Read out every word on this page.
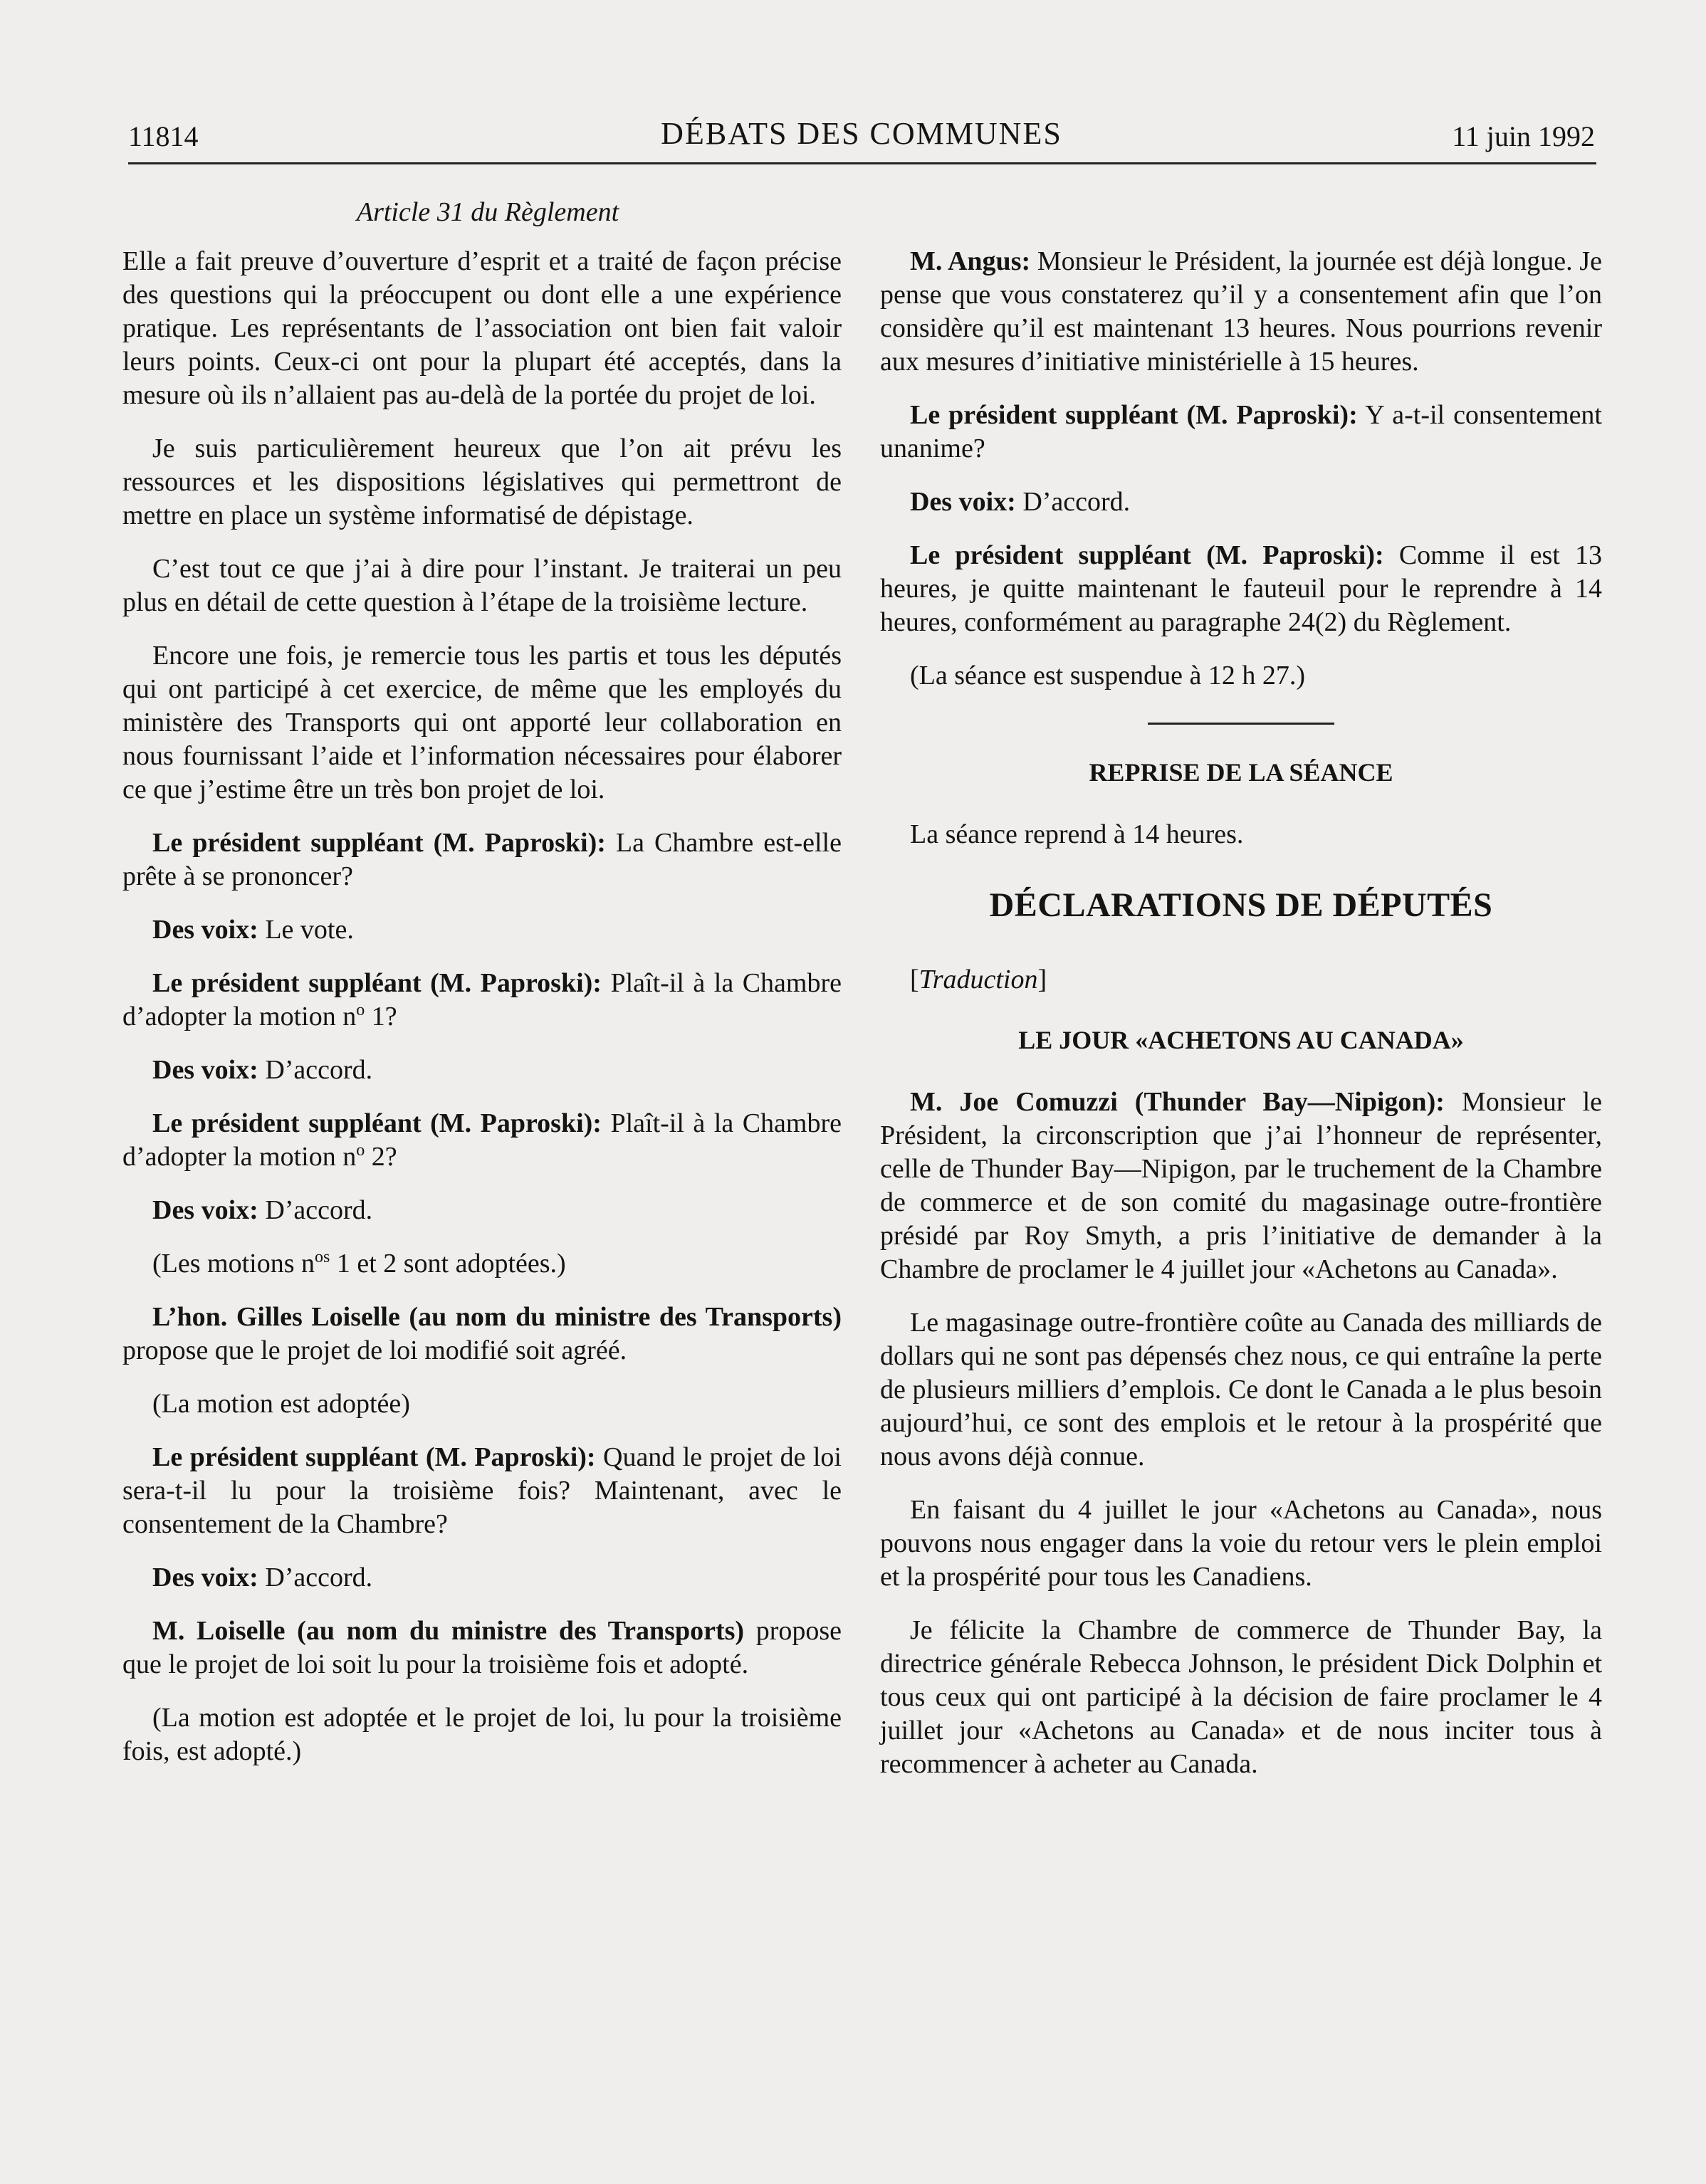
11814	DÉBATS DES COMMUNES	11 juin 1992
Article 31 du Règlement

Elle a fait preuve d’ouverture d’esprit et a traité de façon précise des questions qui la préoccupent ou dont elle a une expérience pratique. Les représentants de l’association ont bien fait valoir leurs points. Ceux-ci ont pour la plupart été acceptés, dans la mesure où ils n’allaient pas au-delà de la portée du projet de loi.

Je suis particulièrement heureux que l’on ait prévu les ressources et les dispositions législatives qui permettront de mettre en place un système informatisé de dépistage.

C’est tout ce que j’ai à dire pour l’instant. Je traiterai un peu plus en détail de cette question à l’étape de la troisième lecture.

Encore une fois, je remercie tous les partis et tous les députés qui ont participé à cet exercice, de même que les employés du ministère des Transports qui ont apporté leur collaboration en nous fournissant l’aide et l’information nécessaires pour élaborer ce que j’estime être un très bon projet de loi.

Le président suppléant (M. Paproski): La Chambre est-elle prête à se prononcer?

Des voix: Le vote.

Le président suppléant (M. Paproski): Plaît-il à la Chambre d’adopter la motion $n^o$ 1?

Des voix: D’accord.

Le président suppléant (M. Paproski): Plaît-il à la Chambre d’adopter la motion $n^o$ 2?

Des voix: D’accord.

(Les motions $n^{os}$ 1 et 2 sont adoptées.)

L’hon. Gilles Loiselle (au nom du ministre des Transports) propose que le projet de loi modifié soit agréé.

(La motion est adoptée)

Le président suppléant (M. Paproski): Quand le projet de loi sera-t-il lu pour la troisième fois? Maintenant, avec le consentement de la Chambre?

Des voix: D’accord.

M. Loiselle (au nom du ministre des Transports) propose que le projet de loi soit lu pour la troisième fois et adopté.

(La motion est adoptée et le projet de loi, lu pour la troisième fois, est adopté.)

M. Angus: Monsieur le Président, la journée est déjà longue. Je pense que vous constaterez qu’il y a consentement afin que l’on considère qu’il est maintenant 13 heures. Nous pourrions revenir aux mesures d’initiative ministérielle à 15 heures.

Le président suppléant (M. Paproski): Y a-t-il consentement unanime?

Des voix: D’accord.

Le président suppléant (M. Paproski): Comme il est 13 heures, je quitte maintenant le fauteuil pour le reprendre à 14 heures, conformément au paragraphe 24(2) du Règlement.

(La séance est suspendue à 12 h 27.)

REPRISE DE LA SÉANCE

La séance reprend à 14 heures.

DÉCLARATIONS DE DÉPUTÉS

[Traduction]

LE JOUR «ACHETONS AU CANADA»

M. Joe Comuzzi (Thunder Bay—Nipigon): Monsieur le Président, la circonscription que j’ai l’honneur de représenter, celle de Thunder Bay—Nipigon, par le truchement de la Chambre de commerce et de son comité du magasinage outre-frontière présidé par Roy Smyth, a pris l’initiative de demander à la Chambre de proclamer le 4 juillet jour «Achetons au Canada».

Le magasinage outre-frontière coûte au Canada des milliards de dollars qui ne sont pas dépensés chez nous, ce qui entraîne la perte de plusieurs milliers d’emplois. Ce dont le Canada a le plus besoin aujourd’hui, ce sont des emplois et le retour à la prospérité que nous avons déjà connue.

En faisant du 4 juillet le jour «Achetons au Canada», nous pouvons nous engager dans la voie du retour vers le plein emploi et la prospérité pour tous les Canadiens.

Je félicite la Chambre de commerce de Thunder Bay, la directrice générale Rebecca Johnson, le président Dick Dolphin et tous ceux qui ont participé à la décision de faire proclamer le 4 juillet jour «Achetons au Canada» et de nous inciter tous à recommencer à acheter au Canada.
